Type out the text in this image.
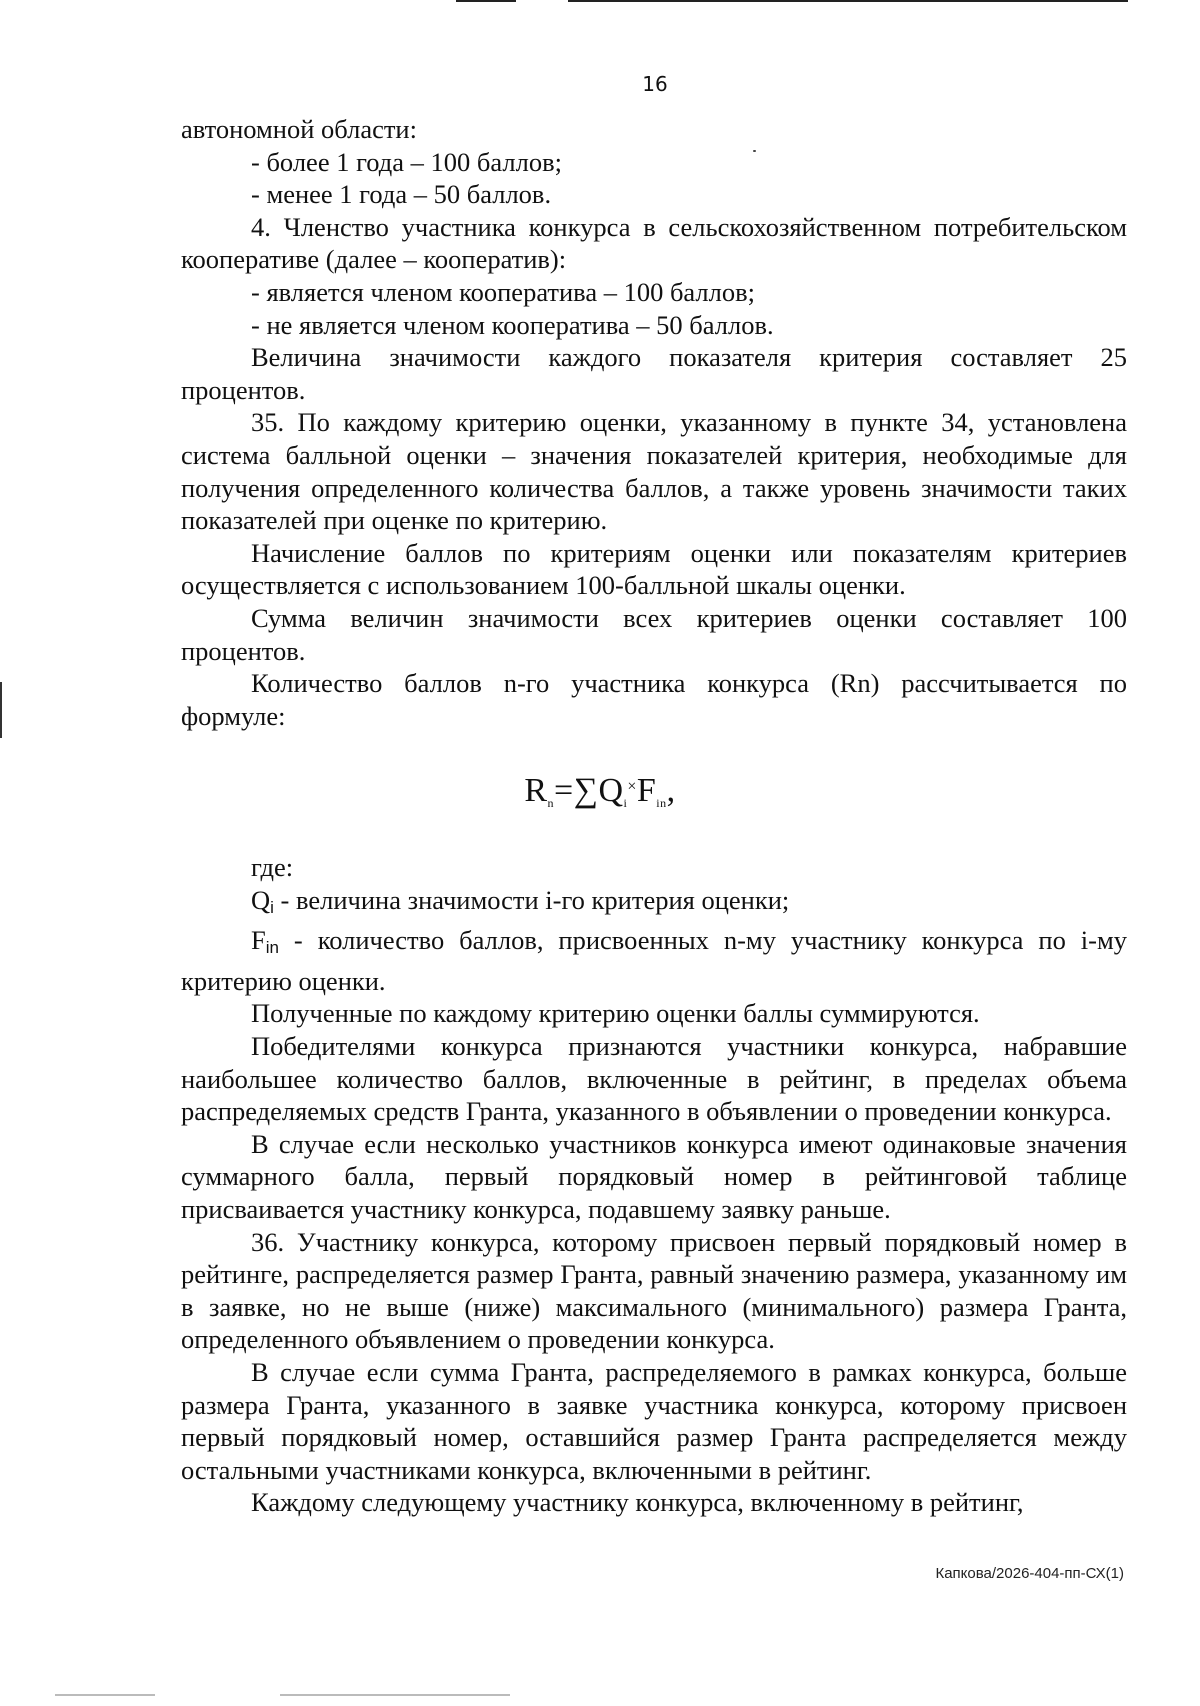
16

автономной области:

- более 1 года – 100 баллов;

- менее 1 года – 50 баллов.

4. Членство участника конкурса в сельскохозяйственном потребительском кооперативе (далее – кооператив):

- является членом кооператива – 100 баллов;

- не является членом кооператива – 50 баллов.

Величина значимости каждого показателя критерия составляет 25 процентов.

35. По каждому критерию оценки, указанному в пункте 34, установлена система балльной оценки – значения показателей критерия, необходимые для получения определенного количества баллов, а также уровень значимости таких показателей при оценке по критерию.

Начисление баллов по критериям оценки или показателям критериев осуществляется с использованием 100-балльной шкалы оценки.

Сумма величин значимости всех критериев оценки составляет 100 процентов.

Количество баллов n-го участника конкурса (Rn) рассчитывается по формуле:

$R_n=\sum Q_i^\times F_{in}$,

где:

$Q_i$ - величина значимости i-го критерия оценки;

$F_{in}$ - количество баллов, присвоенных n-му участнику конкурса по i-му критерию оценки.

Полученные по каждому критерию оценки баллы суммируются.

Победителями конкурса признаются участники конкурса, набравшие наибольшее количество баллов, включенные в рейтинг, в пределах объема распределяемых средств Гранта, указанного в объявлении о проведении конкурса.

В случае если несколько участников конкурса имеют одинаковые значения суммарного балла, первый порядковый номер в рейтинговой таблице присваивается участнику конкурса, подавшему заявку раньше.

36. Участнику конкурса, которому присвоен первый порядковый номер в рейтинге, распределяется размер Гранта, равный значению размера, указанному им в заявке, но не выше (ниже) максимального (минимального) размера Гранта, определенного объявлением о проведении конкурса.

В случае если сумма Гранта, распределяемого в рамках конкурса, больше размера Гранта, указанного в заявке участника конкурса, которому присвоен первый порядковый номер, оставшийся размер Гранта распределяется между остальными участниками конкурса, включенными в рейтинг.

Каждому следующему участнику конкурса, включенному в рейтинг,

Капкова/2026-404-пп-СХ(1)
